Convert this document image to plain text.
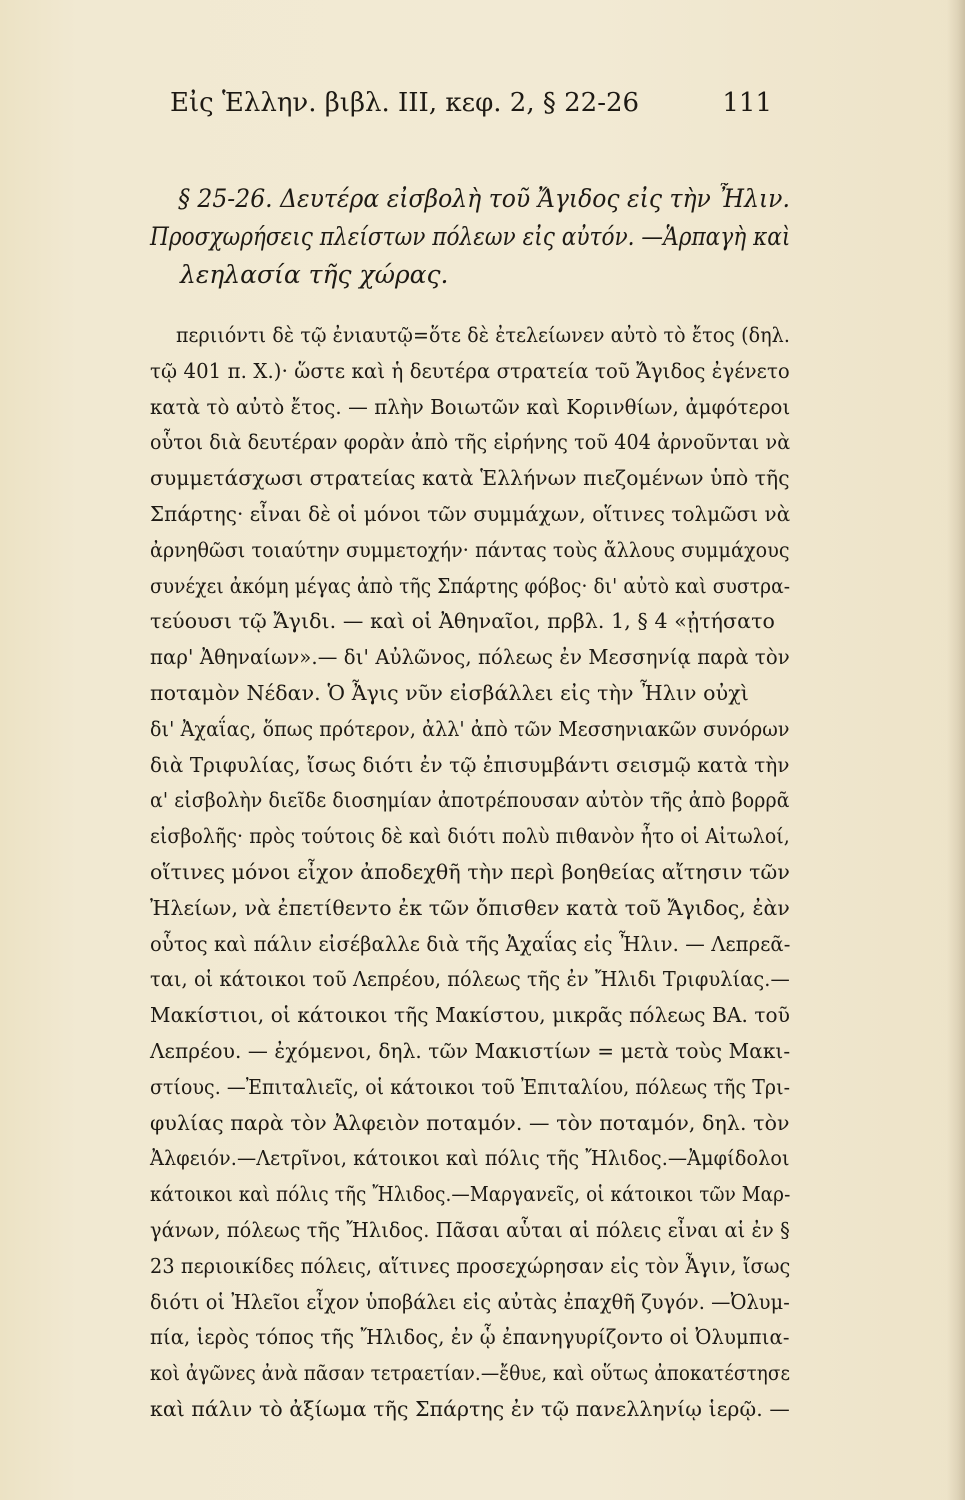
Εἰς Ἑλλην. βιβλ. III, κεφ. 2, § 22-26	111
§ 25-26. Δευτέρα εἰσβολὴ τοῦ Ἄγιδος εἰς τὴν Ἦλιν.
Προσχωρήσεις πλείστων πόλεων εἰς αὐτόν. —Ἁρπαγὴ καὶ
λεηλασία τῆς χώρας.
περιιόντι δὲ τῷ ἐνιαυτῷ=ὅτε δὲ ἐτελείωνεν αὐτὸ τὸ ἔτος (δηλ.
τῷ 401 π. Χ.)· ὥστε καὶ ἡ δευτέρα στρατεία τοῦ Ἄγιδος ἐγένετο
κατὰ τὸ αὐτὸ ἔτος. — πλὴν Βοιωτῶν καὶ Κορινθίων, ἀμφότεροι
οὗτοι διὰ δευτέραν φορὰν ἀπὸ τῆς εἰρήνης τοῦ 404 ἀρνοῦνται νὰ
συμμετάσχωσι στρατείας κατὰ Ἑλλήνων πιεζομένων ὑπὸ τῆς
Σπάρτης· εἶναι δὲ οἱ μόνοι τῶν συμμάχων, οἵτινες τολμῶσι νὰ
ἀρνηθῶσι τοιαύτην συμμετοχήν· πάντας τοὺς ἄλλους συμμάχους
συνέχει ἀκόμη μέγας ἀπὸ τῆς Σπάρτης φόβος· δι' αὐτὸ καὶ συστρα-
τεύουσι τῷ Ἄγιδι. — καὶ οἱ Ἀθηναῖοι, πρβλ. 1, § 4 «ᾐτήσατο
παρ' Ἀθηναίων».— δι' Αὐλῶνος, πόλεως ἐν Μεσσηνίᾳ παρὰ τὸν
ποταμὸν Νέδαν. Ὁ Ἆγις νῦν εἰσβάλλει εἰς τὴν Ἦλιν οὐχὶ
δι' Ἀχαΐας, ὅπως πρότερον, ἀλλ' ἀπὸ τῶν Μεσσηνιακῶν συνόρων
διὰ Τριφυλίας, ἴσως διότι ἐν τῷ ἐπισυμβάντι σεισμῷ κατὰ τὴν
α' εἰσβολὴν διεῖδε διοσημίαν ἀποτρέπουσαν αὐτὸν τῆς ἀπὸ βορρᾶ
εἰσβολῆς· πρὸς τούτοις δὲ καὶ διότι πολὺ πιθανὸν ἦτο οἱ Αἰτωλοί,
οἵτινες μόνοι εἶχον ἀποδεχθῆ τὴν περὶ βοηθείας αἴτησιν τῶν
Ἠλείων, νὰ ἐπετίθεντο ἐκ τῶν ὄπισθεν κατὰ τοῦ Ἄγιδος, ἐὰν
οὗτος καὶ πάλιν εἰσέβαλλε διὰ τῆς Ἀχαΐας εἰς Ἦλιν. — Λεπρεᾶ-
ται, οἱ κάτοικοι τοῦ Λεπρέου, πόλεως τῆς ἐν Ἤλιδι Τριφυλίας.—
Μακίστιοι, οἱ κάτοικοι τῆς Μακίστου, μικρᾶς πόλεως ΒΑ. τοῦ
Λεπρέου. — ἐχόμενοι, δηλ. τῶν Μακιστίων = μετὰ τοὺς Μακι-
στίους. —Ἐπιταλιεῖς, οἱ κάτοικοι τοῦ Ἐπιταλίου, πόλεως τῆς Τρι-
φυλίας παρὰ τὸν Ἀλφειὸν ποταμόν. — τὸν ποταμόν, δηλ. τὸν
Ἀλφειόν.—Λετρῖνοι, κάτοικοι καὶ πόλις τῆς Ἤλιδος.—Ἀμφίδολοι
κάτοικοι καὶ πόλις τῆς Ἤλιδος.—Μαργανεῖς, οἱ κάτοικοι τῶν Μαρ-
γάνων, πόλεως τῆς Ἤλιδος. Πᾶσαι αὗται αἱ πόλεις εἶναι αἱ ἐν §
23 περιοικίδες πόλεις, αἵτινες προσεχώρησαν εἰς τὸν Ἆγιν, ἴσως
διότι οἱ Ἠλεῖοι εἶχον ὑποβάλει εἰς αὐτὰς ἐπαχθῆ ζυγόν. —Ὀλυμ-
πία, ἱερὸς τόπος τῆς Ἤλιδος, ἐν ᾧ ἐπανηγυρίζοντο οἱ Ὀλυμπια-
κοὶ ἀγῶνες ἀνὰ πᾶσαν τετραετίαν.—ἔθυε, καὶ οὕτως ἀποκατέστησε
καὶ πάλιν τὸ ἀξίωμα τῆς Σπάρτης ἐν τῷ πανελληνίῳ ἱερῷ. —
